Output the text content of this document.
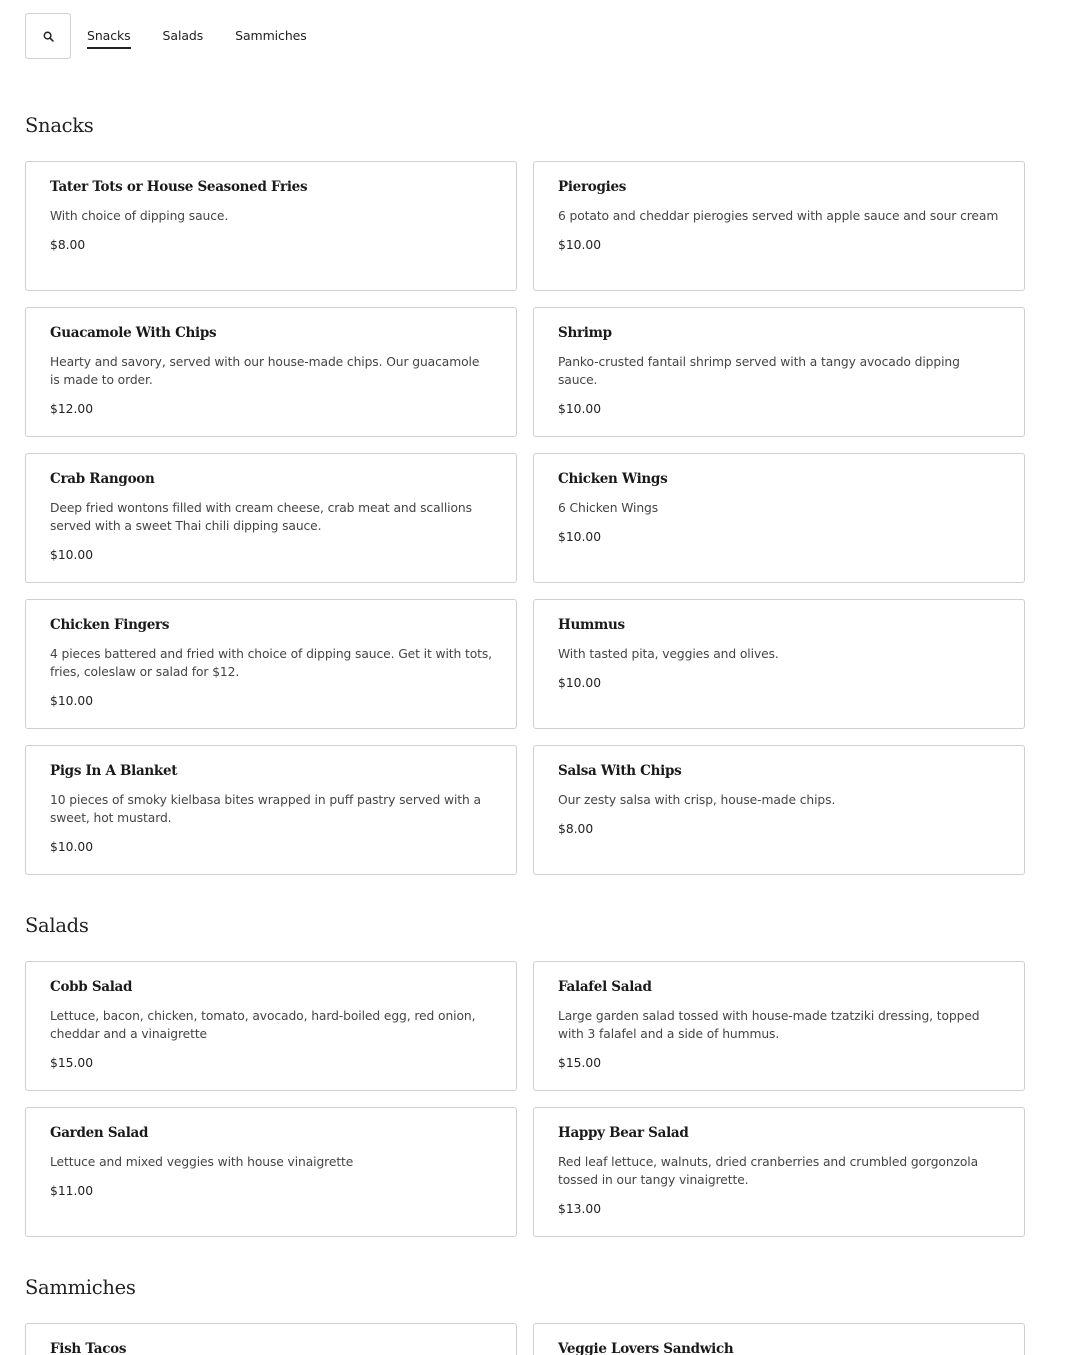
Snacks	Salads	Sammiches
Snacks
Tater Tots or House Seasoned Fries
With choice of dipping sauce.
$8.00
Pierogies
6 potato and cheddar pierogies served with apple sauce and sour cream
$10.00
Guacamole With Chips
Hearty and savory, served with our house-made chips. Our guacamole is made to order.
$12.00
Shrimp
Panko-crusted fantail shrimp served with a tangy avocado dipping sauce.
$10.00
Crab Rangoon
Deep fried wontons filled with cream cheese, crab meat and scallions served with a sweet Thai chili dipping sauce.
$10.00
Chicken Wings
6 Chicken Wings
$10.00
Chicken Fingers
4 pieces battered and fried with choice of dipping sauce. Get it with tots, fries, coleslaw or salad for $12.
$10.00
Hummus
With tasted pita, veggies and olives.
$10.00
Pigs In A Blanket
10 pieces of smoky kielbasa bites wrapped in puff pastry served with a sweet, hot mustard.
$10.00
Salsa With Chips
Our zesty salsa with crisp, house-made chips.
$8.00
Salads
Cobb Salad
Lettuce, bacon, chicken, tomato, avocado, hard-boiled egg, red onion, cheddar and a vinaigrette
$15.00
Falafel Salad
Large garden salad tossed with house-made tzatziki dressing, topped with 3 falafel and a side of hummus.
$15.00
Garden Salad
Lettuce and mixed veggies with house vinaigrette
$11.00
Happy Bear Salad
Red leaf lettuce, walnuts, dried cranberries and crumbled gorgonzola tossed in our tangy vinaigrette.
$13.00
Sammiches
Fish Tacos	Veggie Lovers Sandwich
